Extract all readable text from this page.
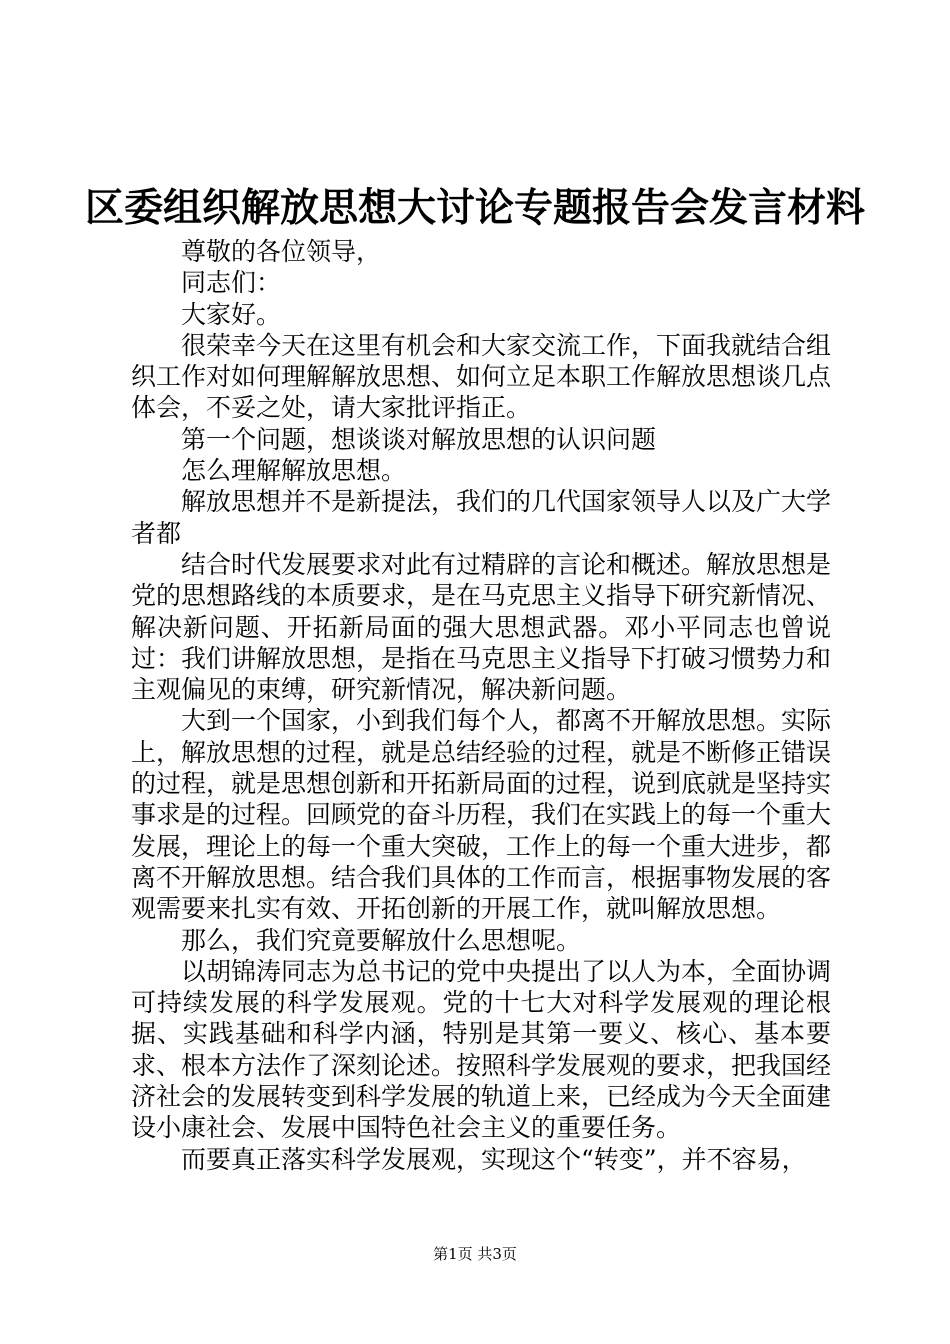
区委组织解放思想大讨论专题报告会发言材料

尊敬的各位领导，

同志们：

大家好。

很荣幸今天在这里有机会和大家交流工作，下面我就结合组织工作对如何理解解放思想、如何立足本职工作解放思想谈几点体会，不妥之处，请大家批评指正。

第一个问题，想谈谈对解放思想的认识问题

怎么理解解放思想。

解放思想并不是新提法，我们的几代国家领导人以及广大学者都

结合时代发展要求对此有过精辟的言论和概述。解放思想是党的思想路线的本质要求，是在马克思主义指导下研究新情况、解决新问题、开拓新局面的强大思想武器。邓小平同志也曾说过：我们讲解放思想，是指在马克思主义指导下打破习惯势力和主观偏见的束缚，研究新情况，解决新问题。

大到一个国家，小到我们每个人，都离不开解放思想。实际上，解放思想的过程，就是总结经验的过程，就是不断修正错误的过程，就是思想创新和开拓新局面的过程，说到底就是坚持实事求是的过程。回顾党的奋斗历程，我们在实践上的每一个重大发展，理论上的每一个重大突破，工作上的每一个重大进步，都离不开解放思想。结合我们具体的工作而言，根据事物发展的客观需要来扎实有效、开拓创新的开展工作，就叫解放思想。

那么，我们究竟要解放什么思想呢。

以胡锦涛同志为总书记的党中央提出了以人为本，全面协调可持续发展的科学发展观。党的十七大对科学发展观的理论根据、实践基础和科学内涵，特别是其第一要义、核心、基本要求、根本方法作了深刻论述。按照科学发展观的要求，把我国经济社会的发展转变到科学发展的轨道上来，已经成为今天全面建设小康社会、发展中国特色社会主义的重要任务。

而要真正落实科学发展观，实现这个“转变”，并不容易，

第1页 共3页
